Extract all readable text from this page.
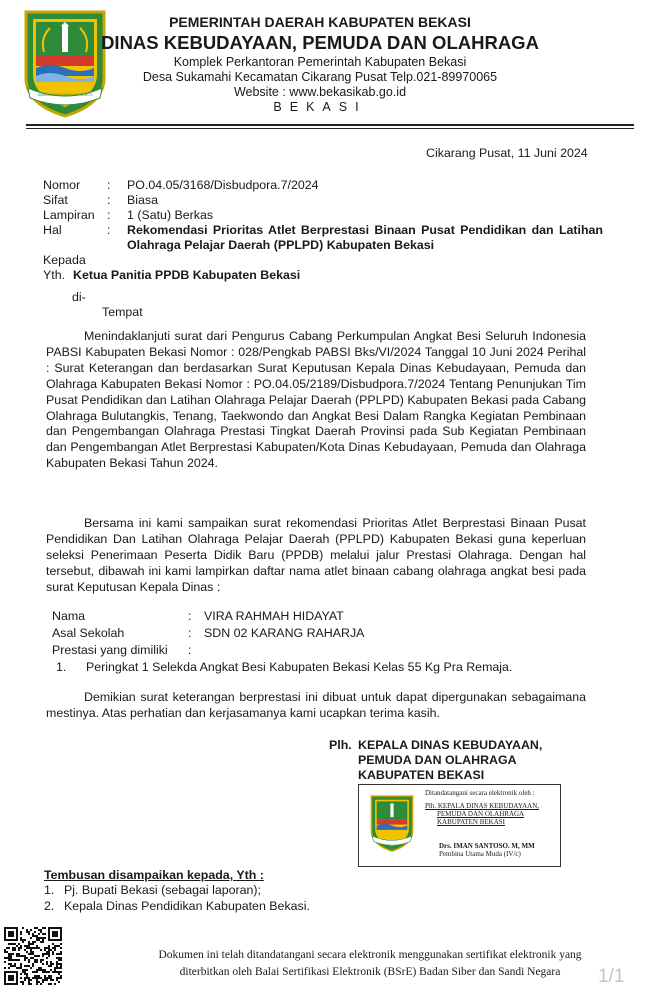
SWATANTRA WIBAWA MUKTI
PEMERINTAH DAERAH KABUPATEN BEKASI
DINAS KEBUDAYAAN, PEMUDA DAN OLAHRAGA
Komplek Perkantoran Pemerintah Kabupaten Bekasi
Desa Sukamahi Kecamatan Cikarang Pusat Telp.021-89970065
Website : www.bekasikab.go.id
BEKASI
Cikarang Pusat, 11 Juni 2024
Nomor : PO.04.05/3168/Disbudpora.7/2024
Sifat	: Biasa
Lampiran : 1 (Satu) Berkas
Hal	: Rekomendasi Prioritas Atlet Berprestasi Binaan Pusat Pendidikan dan Latihan Olahraga Pelajar Daerah (PPLPD) Kabupaten Bekasi
Kepada
Yth. Ketua Panitia PPDB Kabupaten Bekasi
di-
Tempat
Menindaklanjuti surat dari Pengurus Cabang Perkumpulan Angkat Besi Seluruh Indonesia PABSI Kabupaten Bekasi Nomor : 028/Pengkab PABSI Bks/VI/2024 Tanggal 10 Juni 2024 Perihal : Surat Keterangan dan berdasarkan Surat Keputusan Kepala Dinas Kebudayaan, Pemuda dan Olahraga Kabupaten Bekasi Nomor : PO.04.05/2189/Disbudpora.7/2024 Tentang Penunjukan Tim Pusat Pendidikan dan Latihan Olahraga Pelajar Daerah (PPLPD) Kabupaten Bekasi pada Cabang Olahraga Bulutangkis, Tenang, Taekwondo dan Angkat Besi Dalam Rangka Kegiatan Pembinaan dan Pengembangan Olahraga Prestasi Tingkat Daerah Provinsi pada Sub Kegiatan Pembinaan dan Pengembangan Atlet Berprestasi Kabupaten/Kota Dinas Kebudayaan, Pemuda dan Olahraga Kabupaten Bekasi Tahun 2024.
Bersama ini kami sampaikan surat rekomendasi Prioritas Atlet Berprestasi Binaan Pusat Pendidikan Dan Latihan Olahraga Pelajar Daerah (PPLPD) Kabupaten Bekasi guna keperluan seleksi Penerimaan Peserta Didik Baru (PPDB) melalui jalur Prestasi Olahraga. Dengan hal tersebut, dibawah ini kami lampirkan daftar nama atlet binaan cabang olahraga angkat besi pada surat Keputusan Kepala Dinas :
Nama	: VIRA RAHMAH HIDAYAT
Asal Sekolah	: SDN 02 KARANG RAHARJA
Prestasi yang dimiliki :
1. Peringkat 1 Selekda Angkat Besi Kabupaten Bekasi Kelas 55 Kg Pra Remaja.
Demikian surat keterangan berprestasi ini dibuat untuk dapat dipergunakan sebagaimana mestinya. Atas perhatian dan kerjasamanya kami ucapkan terima kasih.
Plh. KEPALA DINAS KEBUDAYAAN,
PEMUDA DAN OLAHRAGA
KABUPATEN BEKASI
Ditandatangani secara elektronik oleh :
Plh. KEPALA DINAS KEBUDAYAAN,
PEMUDA DAN OLAHRAGA
KABUPATEN BEKASI
Drs. IMAN SANTOSO. M, MM
Pembina Utama Muda (IV/c)
Tembusan disampaikan kepada, Yth :
1. Pj. Bupati Bekasi (sebagai laporan);
2. Kepala Dinas Pendidikan Kabupaten Bekasi.
Dokumen ini telah ditandatangani secara elektronik menggunakan sertifikat elektronik yang
diterbitkan oleh Balai Sertifikasi Elektronik (BSrE) Badan Siber dan Sandi Negara	1/1
